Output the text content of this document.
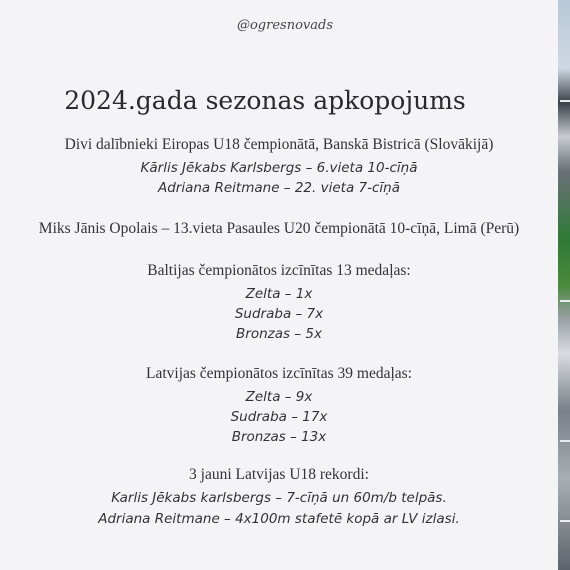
@ogresnovads
2024.gada sezonas apkopojums
Divi dalībnieki Eiropas U18 čempionātā, Banskā Bistricā (Slovākijā)
Kārlis Jēkabs Karlsbergs – 6.vieta 10-cīņā
Adriana Reitmane – 22. vieta 7-cīņā
Miks Jānis Opolais – 13.vieta Pasaules U20 čempionātā 10-cīņā, Limā (Perū)
Baltijas čempionātos izcīnītas 13 medaļas:
Zelta – 1x
Sudraba – 7x
Bronzas – 5x
Latvijas čempionātos izcīnītas 39 medaļas:
Zelta – 9x
Sudraba – 17x
Bronzas – 13x
3 jauni Latvijas U18 rekordi:
Karlis Jēkabs karlsbergs – 7-cīņā un 60m/b telpās.
Adriana Reitmane – 4x100m stafetē kopā ar LV izlasi.
